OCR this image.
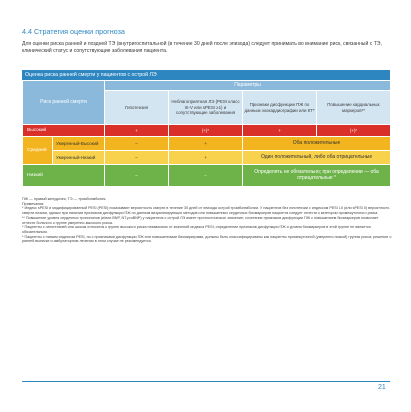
4.4 Стратегия оценки прогноза
Для оценки риска ранней и поздней ТЭ (внутригоспитальной (в течение 30 дней после эпизода) следует принимать во внимание риск, связанный с ТЭ, клинический статус и сопутствующие заболевания пациента.
Оценка риска ранней смерти у пациентов с острой ЛЭ
Риск ранней смерти		Параметры			
		Гипотензия	Неблагоприятная ЛЭ (PESI класс III-V или sPESI ≥1) и сопутствующие заболевания	Признаки дисфункции ПЖ по данным эхокардиографии или КТ*	Повышение кардиальных маркеров**
Высокий		+	(+)*	+	(+)*
Средний	Умеренный-Высокий	–	+	Оба положительные	
	Умеренный-Низкий	–	+	Один положительный, либо оба отрицательные	
Низкий		–	–	Определять не обязательно; при определении — оба отрицательные *	

ПЖ — правый желудочек; ТЭ — тромбоэмболия.

Примечания:

* Индекс sPESI и модифицированный PESI (PESI) показывают вероятность смерти в течение 30 дней от эпизода острой тромбоэмболии. У пациентов без гипотензии с индексом PESI I-II (или sPESI 0) вероятность смерти низкая, однако при наличии признаков дисфункции ПЖ по данным визуализирующих методов или повышенных сердечных биомаркеров пациента следует отнести к категории промежуточного риска.

** Повышение уровня сердечных тропонинов (и/или BNP, NT-proBNP) у пациентов с острой ЛЭ имеет прогностическое значение; сочетание признаков дисфункции ПЖ с повышением биомаркеров позволяет отнести больного к группе умеренно-высокого риска.

* Пациенты с гипотензией или шоком относятся к группе высокого риска независимо от значений индекса PESI; определение признаков дисфункции ПЖ и уровня биомаркеров в этой группе не является обязательным.

* Пациенты с низким индексом PESI, но с признаками дисфункции ПЖ или повышенными биомаркерами, должны быть классифицированы как пациенты промежуточной (умеренно-низкой) группы риска; решение о ранней выписке и амбулаторном лечении в этом случае не рекомендуется.

21
